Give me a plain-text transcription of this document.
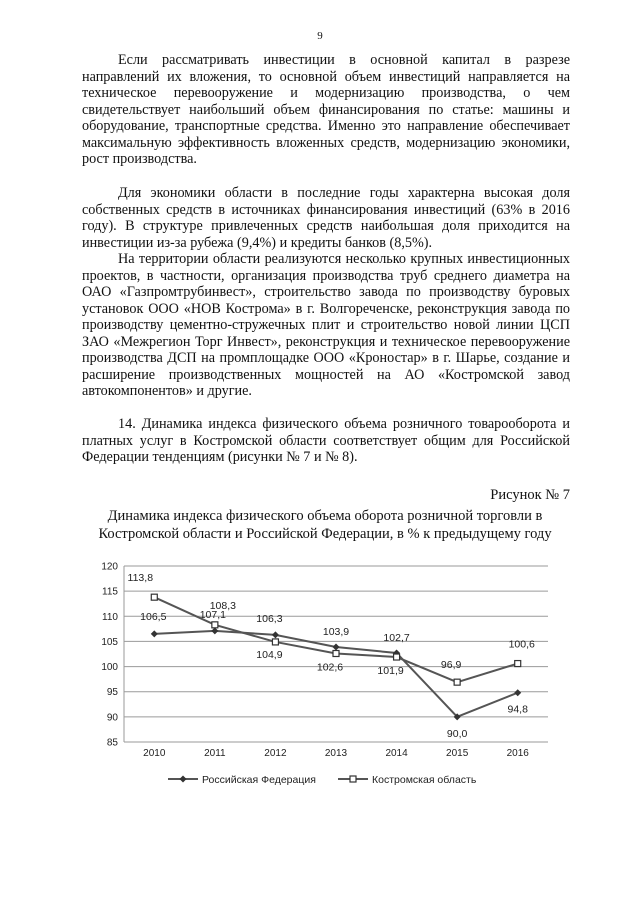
9

Если рассматривать инвестиции в основной капитал в разрезе направлений их вложения, то основной объем инвестиций направляется на техническое перевооружение и модернизацию производства, о чем свидетельствует наибольший объем финансирования по статье: машины и оборудование, транспортные средства. Именно это направление обеспечивает максимальную эффективность вложенных средств, модернизацию экономики, рост производства.

Для экономики области в последние годы характерна высокая доля собственных средств в источниках финансирования инвестиций (63% в 2016 году). В структуре привлеченных средств наибольшая доля приходится на инвестиции из-за рубежа (9,4%) и кредиты банков (8,5%).

На территории области реализуются несколько крупных инвестиционных проектов, в частности, организация производства труб среднего диаметра на ОАО «Газпромтрубинвест», строительство завода по производству буровых установок ООО «НОВ Кострома» в г. Волгореченске, реконструкция завода по производству цементно-стружечных плит и строительство новой линии ЦСП ЗАО «Межрегион Торг Инвест», реконструкция и техническое перевооружение производства ДСП на промплощадке ООО «Кроностар» в г. Шарье, создание и расширение производственных мощностей на АО «Костромской завод автокомпонентов» и другие.

14. Динамика индекса физического объема розничного товарооборота и платных услуг в Костромской области соответствует общим для Российской Федерации тенденциям (рисунки № 7 и № 8).

Рисунок № 7
Динамика индекса физического объема оборота розничной торговли в Костромской области и Российской Федерации, в % к предыдущему году
85
90
95
100
105
110
115
120
2010	2011	2012	2013	2014	2015	2016
106,5	107,1	106,3
103,9
102,7
90,0
94,8
113,8
108,3
104,9
102,6	101,9	96,9
100,6
Российская Федерация	Костромская область
